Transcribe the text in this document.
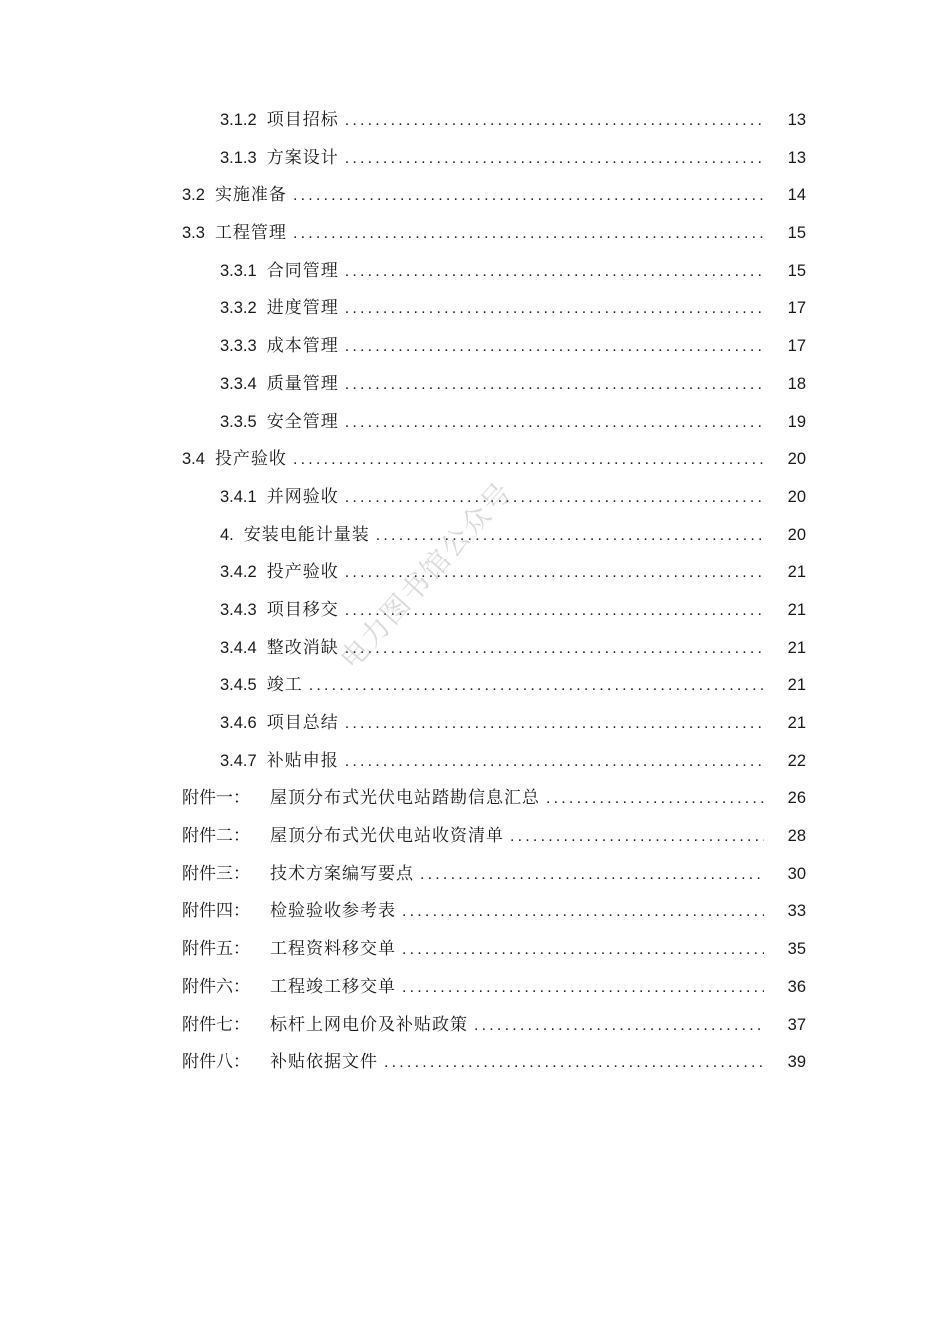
3.1.2 项目招标 .....	13
3.1.3 方案设计 .....	13
3.2 实施准备 .....	14
3.3 工程管理 .....	15
3.3.1 合同管理 .....	15
3.3.2 进度管理 .....	17
3.3.3 成本管理 .....	17
3.3.4 质量管理 .....	18
3.3.5 安全管理 .....	19
3.4 投产验收 .....	20
3.4.1 并网验收 .....	20
4. 安装电能计量装 .....	20
3.4.2 投产验收 .....	21
3.4.3 项目移交 .....	21
3.4.4 整改消缺 .....	21
3.4.5 竣工 .....	21
3.4.6 项目总结 .....	21
3.4.7 补贴申报 .....	22
附件一： 屋顶分布式光伏电站踏勘信息汇总 .....	26
附件二： 屋顶分布式光伏电站收资清单 .....	28
附件三： 技术方案编写要点 .....	30
附件四： 检验验收参考表 .....	33
附件五： 工程资料移交单 .....	35
附件六： 工程竣工移交单 .....	36
附件七： 标杆上网电价及补贴政策 .....	37
附件八： 补贴依据文件 .....	39
电力图书馆公众号
